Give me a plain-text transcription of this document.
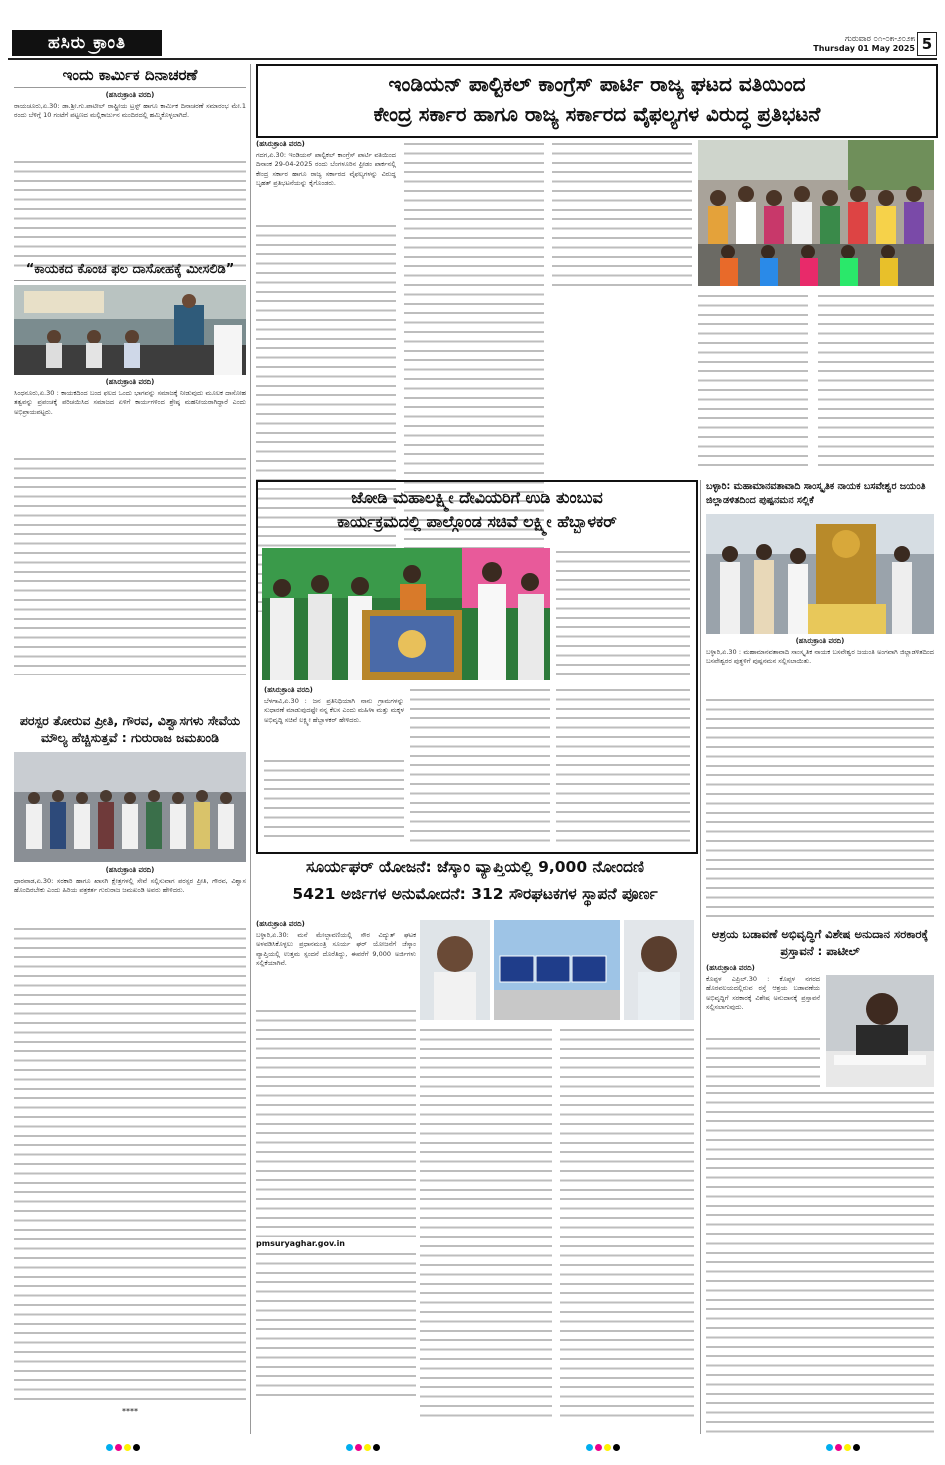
ಹಸಿರು ಕ್ರಾಂತಿ	ಗುರುವಾರ ೦೧-೦೫-೨೦೨೫
Thursday 01 May 2025 5
ಇಂದು ಕಾರ್ಮಿಕ ದಿನಾಚರಣೆ
(ಹಸಿರುಕ್ರಾಂತಿ ವರದಿ)
ರಾಯಚೂರು,ಏ.30: ಡಾ.ಶ್ರೀ.ಗು.ಪಾಟೀಲ್ ರಾಷ್ಟ್ರೀಯ ಟ್ರಸ್ಟ್ ಹಾಗೂ ಕಾರ್ಮಿಕ ದಿನಾಚರಣೆ ಸಮಾರಂಭ ಮೇ.1 ರಂದು ಬೆಳಿಗ್ಗೆ 10 ಗಂಟೆಗೆ ಪಟ್ಟಣದ ಮಲ್ಲಿಕಾರ್ಜುನ ಮಂದಿರದಲ್ಲಿ ಹಮ್ಮಿಕೊಳ್ಳಲಾಗಿದೆ.
“ಕಾಯಕದ ಕೊಂಚ ಫಲ ದಾಸೋಹಕ್ಕೆ ಮೀಸಲಿಡಿ”
(ಹಸಿರುಕ್ರಾಂತಿ ವರದಿ)
ಸಿಂಧನೂರು,ಏ.30 : ಕಾಯಕದಿಂದ ಬಂದ ಫಲದ ಒಂದು ಭಾಗವನ್ನು ಸಮಾಜಕ್ಕೆ ನೀಡುವುದು ಮೂಲಕ ದಾಸೋಹ ತತ್ವವನ್ನು ಪ್ರಪಂಚಕ್ಕೆ ಪರಿಚಯಿಸಿದ ಸಮಾಜದ ಏಳಿಗೆ ಕಾರ್ಯಗಳಿಂದ ಶ್ರೇಷ್ಠ ಮಹನೀಯರಾಗಿದ್ದಾರೆ ಎಂದು ಅಭಿಪ್ರಾಯಪಟ್ಟರು.
ಪರಸ್ಪರ ತೋರುವ ಪ್ರೀತಿ, ಗೌರವ, ವಿಶ್ವಾಸಗಳು ಸೇವೆಯ ಮೌಲ್ಯ ಹೆಚ್ಚಿಸುತ್ತವೆ : ಗುರುರಾಜ ಜಮಖಂಡಿ
(ಹಸಿರುಕ್ರಾಂತಿ ವರದಿ)
ಧಾರವಾಡ,ಏ.30: ಸರಕಾರಿ ಹಾಗೂ ಖಾಸಗಿ ಕ್ಷೇತ್ರಗಳಲ್ಲಿ ಸೇವೆ ಸಲ್ಲಿಸುವಾಗ ಪರಸ್ಪರ ಪ್ರೀತಿ, ಗೌರವ, ವಿಶ್ವಾಸ ಹೊಂದಿರಬೇಕು ಎಂದು ಹಿರಿಯ ಪತ್ರಕರ್ತ ಗುರುರಾಜ ಜಮಖಂಡಿ ಅವರು ಹೇಳಿದರು.
****
ಇಂಡಿಯನ್ ಪಾಲ್ಟಿಕಲ್ ಕಾಂಗ್ರೆಸ್ ಪಾರ್ಟಿ ರಾಜ್ಯ ಘಟದ ವತಿಯಿಂದ
ಕೇಂದ್ರ ಸರ್ಕಾರ ಹಾಗೂ ರಾಜ್ಯ ಸರ್ಕಾರದ ವೈಫಲ್ಯಗಳ ವಿರುದ್ಧ ಪ್ರತಿಭಟನೆ
(ಹಸಿರುಕ್ರಾಂತಿ ವರದಿ)
ಗದಗ,ಏ.30: ಇಂಡಿಯನ್ ಪಾಲ್ಟಿಕಲ್ ಕಾಂಗ್ರೆಸ್ ಪಾರ್ಟಿ ವತಿಯಿಂದ ದಿನಾಂಕ 29-04-2025 ರಂದು ಬೆಂಗಳೂರಿನ ಫ್ರೀಡಂ ಪಾರ್ಕನಲ್ಲಿ ಕೇಂದ್ರ ಸರ್ಕಾರ ಹಾಗೂ ರಾಜ್ಯ ಸರ್ಕಾರದ ವೈಫಲ್ಯಗಳನ್ನು ವಿರುದ್ಧ ಬೃಹತ್ ಪ್ರತಿಭಟನೆಯನ್ನು ಕೈಗೊಂಡರು.
ಜೋಡಿ ಮಹಾಲಕ್ಷ್ಮೀ ದೇವಿಯರಿಗೆ ಉಡಿ ತುಂಬುವ
ಕಾರ್ಯಕ್ರಮದಲ್ಲಿ ಪಾಲ್ಗೊಂಡ ಸಚಿವೆ ಲಕ್ಷ್ಮೀ ಹೆಬ್ಬಾಳಕರ್
(ಹಸಿರುಕ್ರಾಂತಿ ವರದಿ)
ಬೆಳಗಾವಿ,ಏ.30 : ಜನ ಪ್ರತಿನಿಧಿಯಾಗಿ ನಾನು ಗ್ರಾಮಗಳನ್ನು ಸುಧಾರಣೆ ಮಾಡುವುದಷ್ಟೇ ನನ್ನ ಕೆಲಸ ಎಂದು ಮಹಿಳಾ ಮತ್ತು ಮಕ್ಕಳ ಅಭಿವೃದ್ಧಿ ಸಚಿವೆ ಲಕ್ಷ್ಮೀ ಹೆಬ್ಬಾಳಕರ್ ಹೇಳಿದರು.
ಬಳ್ಳಾರಿ: ಮಹಾಮಾನವತಾವಾದಿ ಸಾಂಸ್ಕೃತಿಕ ನಾಯಕ ಬಸವೇಶ್ವರ ಜಯಂತಿ ಜಿಲ್ಲಾಡಳಿತದಿಂದ ಪುಷ್ಪನಮನ ಸಲ್ಲಿಕೆ
(ಹಸಿರುಕ್ರಾಂತಿ ವರದಿ)
ಬಳ್ಳಾರಿ,ಏ.30 : ಮಹಾಮಾನವತಾವಾದಿ ಸಾಂಸ್ಕೃತಿಕ ನಾಯಕ ಬಸವೇಶ್ವರ ಜಯಂತಿ ಅಂಗವಾಗಿ ಜಿಲ್ಲಾಡಳಿತದಿಂದ ಬಸವೇಶ್ವರರ ಪುತ್ಥಳಿಗೆ ಪುಷ್ಪನಮನ ಸಲ್ಲಿಸಲಾಯಿತು.
ಸೂರ್ಯಘರ್ ಯೋಜನೆ: ಜೆಸ್ಕಾಂ ವ್ಯಾಪ್ತಿಯಲ್ಲಿ 9,000 ನೋಂದಣಿ
5421 ಅರ್ಜಿಗಳ ಅನುಮೋದನೆ: 312 ಸೌರಘಟಕಗಳ ಸ್ಥಾಪನೆ ಪೂರ್ಣ
(ಹಸಿರುಕ್ರಾಂತಿ ವರದಿ)
ಬಳ್ಳಾರಿ,ಏ.30: ಮನೆ ಮೇಲ್ಛಾವಣಿಯಲ್ಲಿ ಸೌರ ವಿದ್ಯುತ್ ಘಟಕ ಅಳವಡಿಸಿಕೊಳ್ಳಲು ಪ್ರಧಾನಮಂತ್ರಿ ಸೂರ್ಯ ಘರ್ ಯೋಜನೆಗೆ ಜೆಸ್ಕಾಂ ವ್ಯಾಪ್ತಿಯಲ್ಲಿ ಉತ್ತಮ ಸ್ಪಂದನೆ ದೊರೆತಿದ್ದು, ಈವರೆಗೆ 9,000 ಅರ್ಜಿಗಳು ಸಲ್ಲಿಕೆಯಾಗಿವೆ.
pmsuryaghar.gov.in
ಆಶ್ರಯ ಬಡಾವಣೆ ಅಭಿವೃದ್ಧಿಗೆ ವಿಶೇಷ ಅನುದಾನ ಸರಕಾರಕ್ಕೆ ಪ್ರಸ್ತಾವನೆ : ಪಾಟೀಲ್
(ಹಸಿರುಕ್ರಾಂತಿ ವರದಿ)
ಕೊಪ್ಪಳ ಎಪ್ರಿಲ್.30 : ಕೊಪ್ಪಳ ನಗರದ ಹೊರವಲಯದಲ್ಲಿರುವ ರಸ್ತೆ ಆಶ್ರಯ ಬಡಾವಣೆಯ ಅಭಿವೃದ್ಧಿಗೆ ಸರಕಾರಕ್ಕೆ ವಿಶೇಷ ಅನುದಾನಕ್ಕೆ ಪ್ರಸ್ತಾವನೆ ಸಲ್ಲಿಸಲಾಗುವುದು.
